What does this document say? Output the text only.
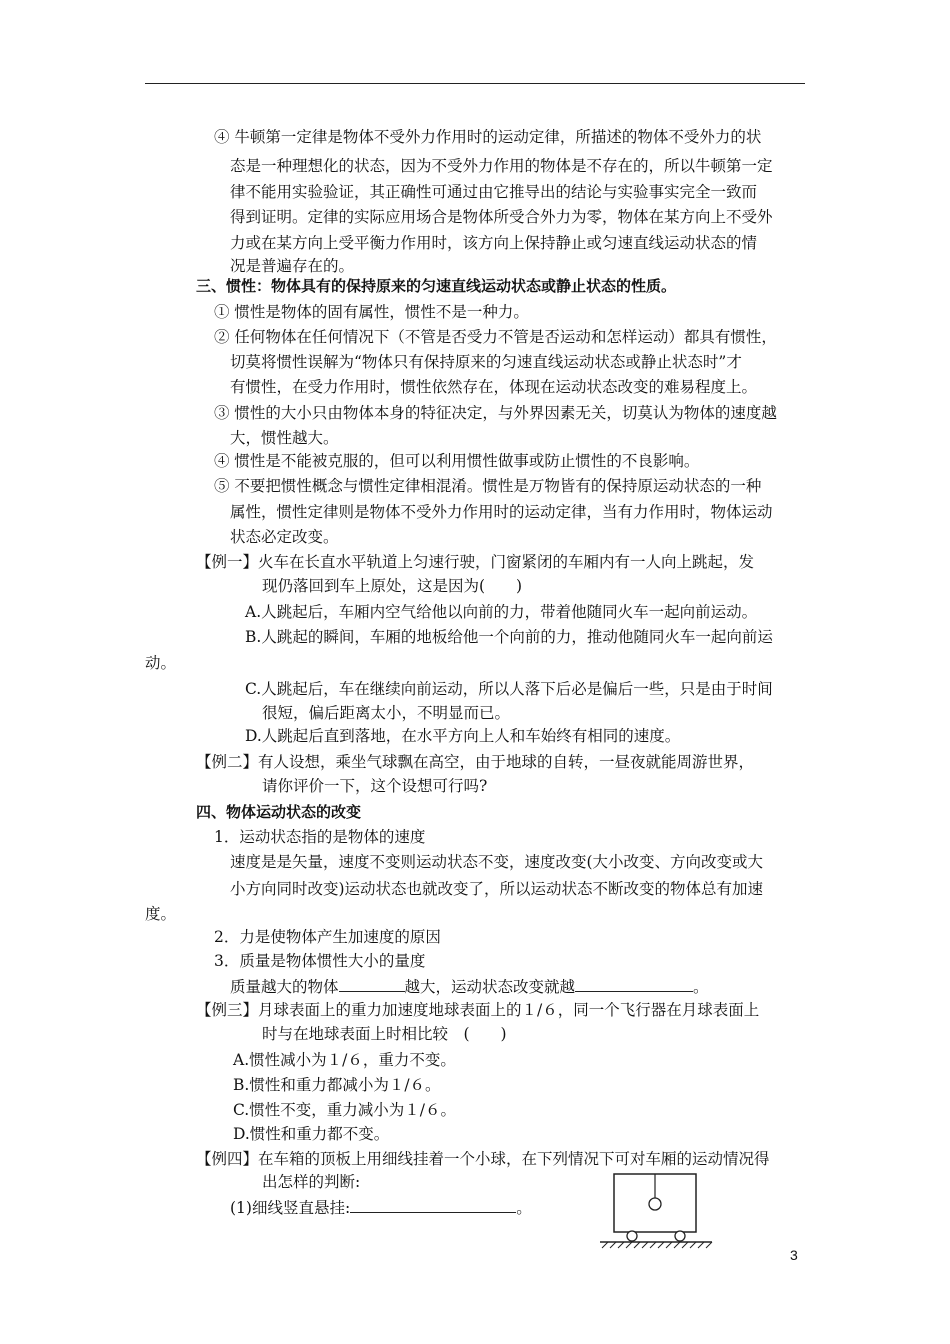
④ 牛顿第一定律是物体不受外力作用时的运动定律，所描述的物体不受外力的状
态是一种理想化的状态，因为不受外力作用的物体是不存在的，所以牛顿第一定
律不能用实验验证，其正确性可通过由它推导出的结论与实验事实完全一致而
得到证明。定律的实际应用场合是物体所受合外力为零，物体在某方向上不受外
力或在某方向上受平衡力作用时，该方向上保持静止或匀速直线运动状态的情
况是普遍存在的。
三、惯性：物体具有的保持原来的匀速直线运动状态或静止状态的性质。
① 惯性是物体的固有属性，惯性不是一种力。
② 任何物体在任何情况下（不管是否受力不管是否运动和怎样运动）都具有惯性，
切莫将惯性误解为“物体只有保持原来的匀速直线运动状态或静止状态时”才
有惯性，在受力作用时，惯性依然存在，体现在运动状态改变的难易程度上。
③ 惯性的大小只由物体本身的特征决定，与外界因素无关，切莫认为物体的速度越
大，惯性越大。
④ 惯性是不能被克服的，但可以利用惯性做事或防止惯性的不良影响。
⑤ 不要把惯性概念与惯性定律相混淆。惯性是万物皆有的保持原运动状态的一种
属性，惯性定律则是物体不受外力作用时的运动定律，当有力作用时，物体运动
状态必定改变。
【例一】火车在长直水平轨道上匀速行驶，门窗紧闭的车厢内有一人向上跳起，发
现仍落回到车上原处，这是因为(　　)
A.人跳起后，车厢内空气给他以向前的力，带着他随同火车一起向前运动。
B.人跳起的瞬间，车厢的地板给他一个向前的力，推动他随同火车一起向前运
动。
C.人跳起后，车在继续向前运动，所以人落下后必是偏后一些，只是由于时间
很短，偏后距离太小，不明显而已。
D.人跳起后直到落地，在水平方向上人和车始终有相同的速度。
【例二】有人设想，乘坐气球飘在高空，由于地球的自转，一昼夜就能周游世界，
请你评价一下，这个设想可行吗?
四、物体运动状态的改变
1．运动状态指的是物体的速度
速度是是矢量，速度不变则运动状态不变，速度改变(大小改变、方向改变或大
小方向同时改变)运动状态也就改变了，所以运动状态不断改变的物体总有加速
度。
2．力是使物体产生加速度的原因
3．质量是物体惯性大小的量度
质量越大的物体	越大，运动状态改变就越	。
【例三】月球表面上的重力加速度地球表面上的１/６，同一个飞行器在月球表面上
时与在地球表面上时相比较　(　　)
A.惯性减小为１/６，重力不变。
B.惯性和重力都减小为１/６。
C.惯性不变，重力减小为１/６。
D.惯性和重力都不变。
【例四】在车箱的顶板上用细线挂着一个小球，在下列情况下可对车厢的运动情况得
出怎样的判断:
(1)细线竖直悬挂:	。
3
